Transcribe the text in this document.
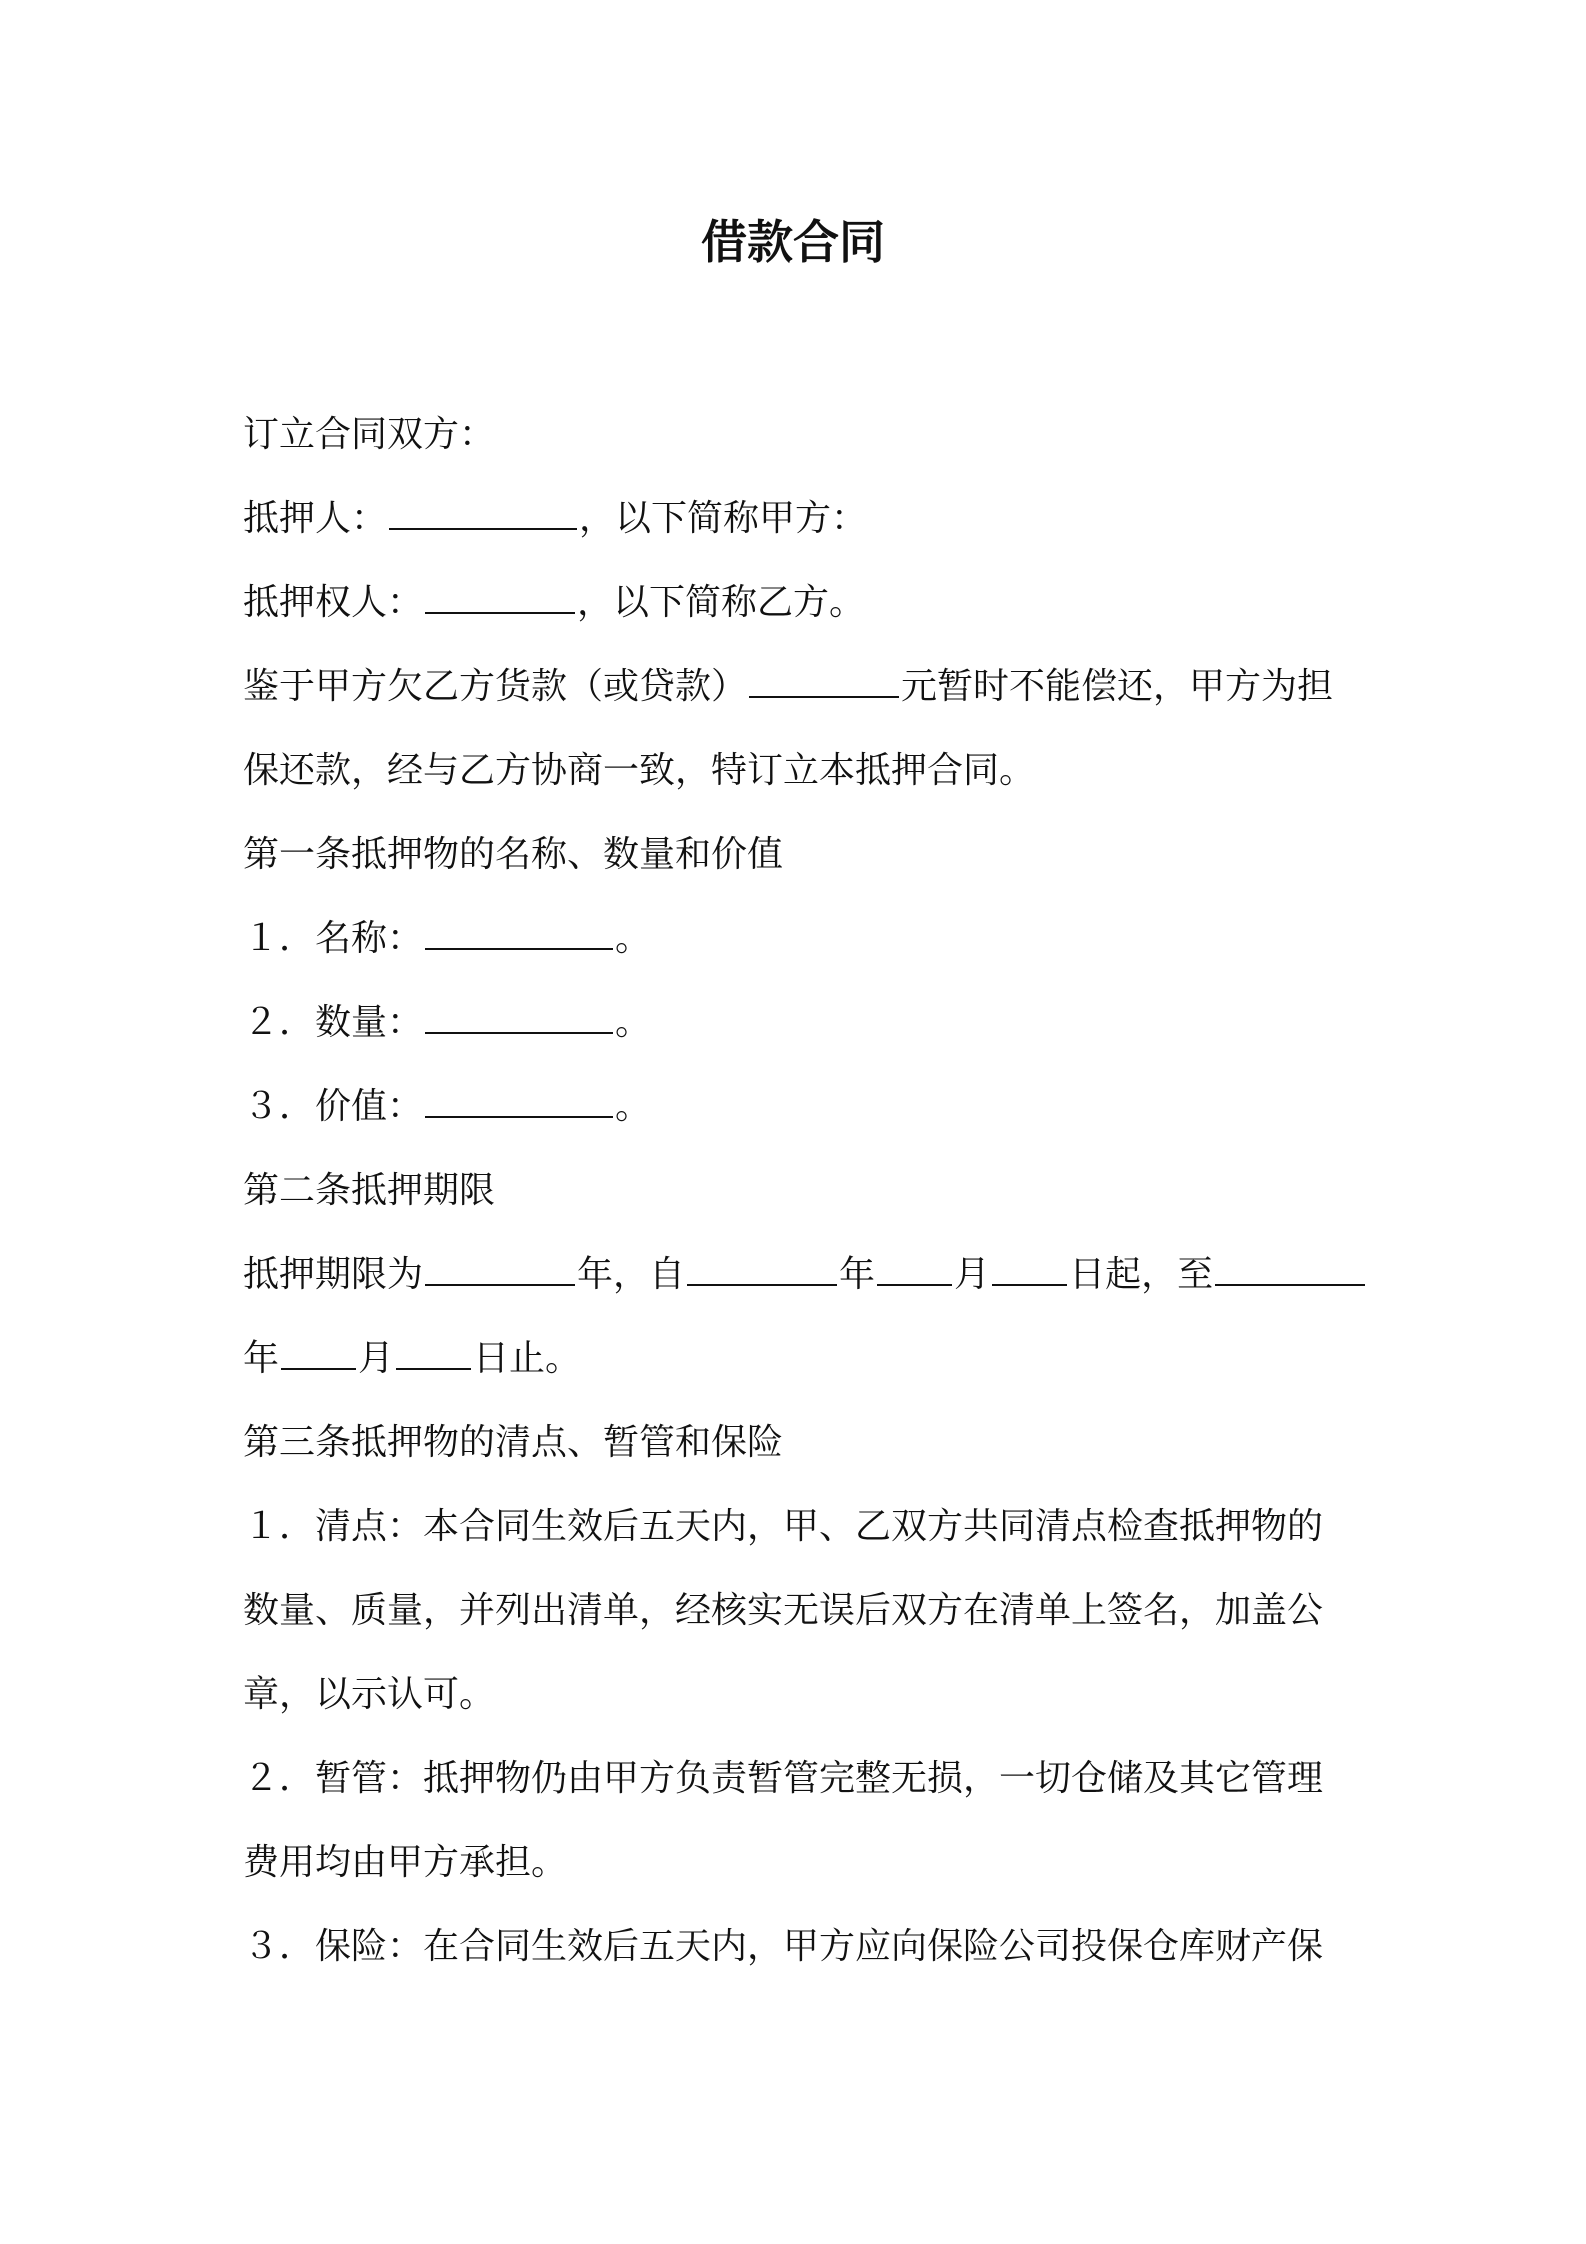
借款合同
订立合同双方：
抵押人：	，以下简称甲方：
抵押权人：	，以下简称乙方。
鉴于甲方欠乙方货款（或贷款）	元暂时不能偿还，甲方为担
保还款，经与乙方协商一致，特订立本抵押合同。
第一条抵押物的名称、数量和价值
１．名称：	。
２．数量：	。
３．价值：	。
第二条抵押期限
抵押期限为	年，自	年 月 日起，至
年 月 日止。
第三条抵押物的清点、暂管和保险
１．清点：本合同生效后五天内，甲、乙双方共同清点检查抵押物的
数量、质量，并列出清单，经核实无误后双方在清单上签名，加盖公
章，以示认可。
２．暂管：抵押物仍由甲方负责暂管完整无损，一切仓储及其它管理
费用均由甲方承担。
３．保险：在合同生效后五天内，甲方应向保险公司投保仓库财产保
